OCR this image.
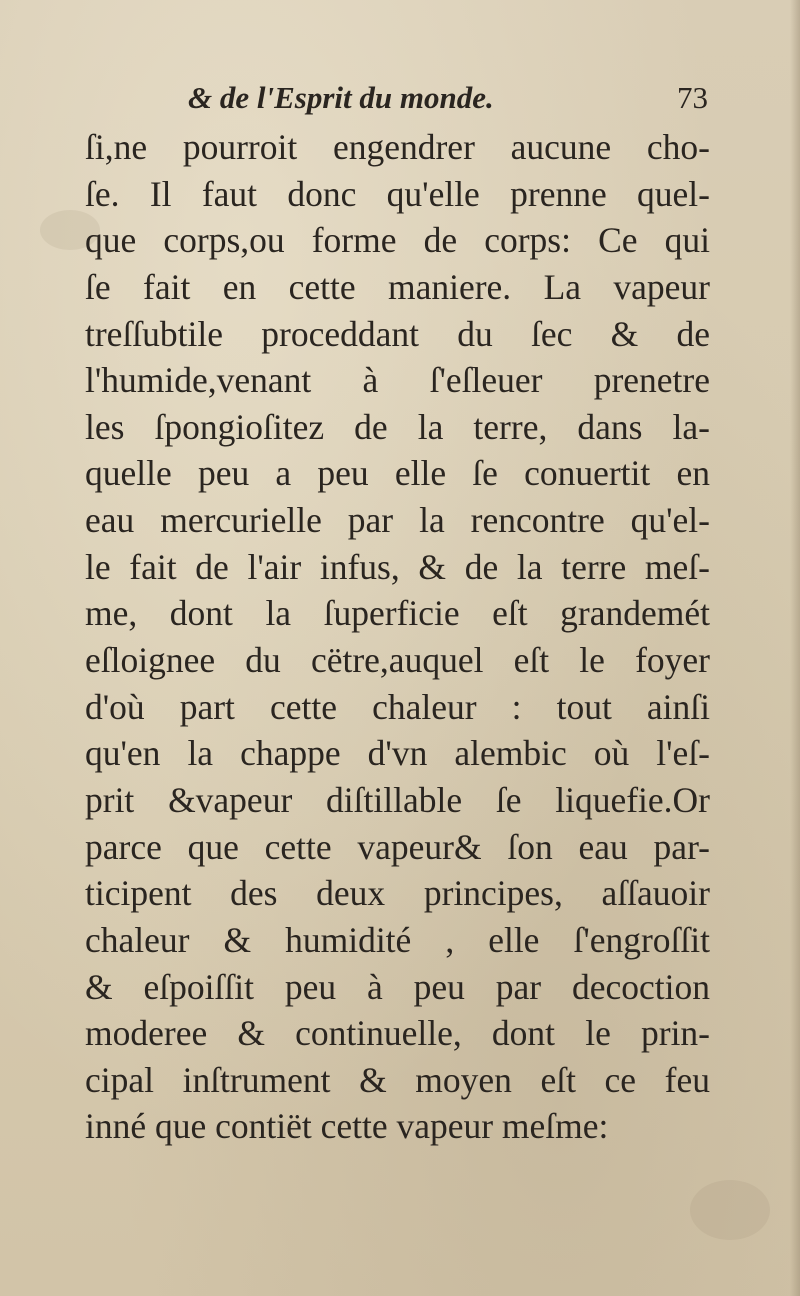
& de l'Esprit du monde.	73
ſi,ne pourroit engendrer aucune cho-
ſe. Il faut donc qu'elle prenne quel-
que corps,ou forme de corps: Ce qui
ſe fait en cette maniere. La vapeur
treſſubtile proceddant du ſec & de
l'humide,venant à ſ'eſleuer prenetre
les ſpongioſitez de la terre, dans la-
quelle peu a peu elle ſe conuertit en
eau mercurielle par la rencontre qu'el-
le fait de l'air infus, & de la terre meſ-
me, dont la ſuperficie eſt grandemét
eſloignee du cëtre,auquel eſt le foyer
d'où part cette chaleur : tout ainſi
qu'en la chappe d'vn alembic où l'eſ-
prit &vapeur diſtillable ſe liquefie.Or
parce que cette vapeur& ſon eau par-
ticipent des deux principes, aſſauoir
chaleur & humidité , elle ſ'engroſſit
& eſpoiſſit peu à peu par decoction
moderee & continuelle, dont le prin-
cipal inſtrument & moyen eſt ce feu
inné que contiët cette vapeur meſme:
